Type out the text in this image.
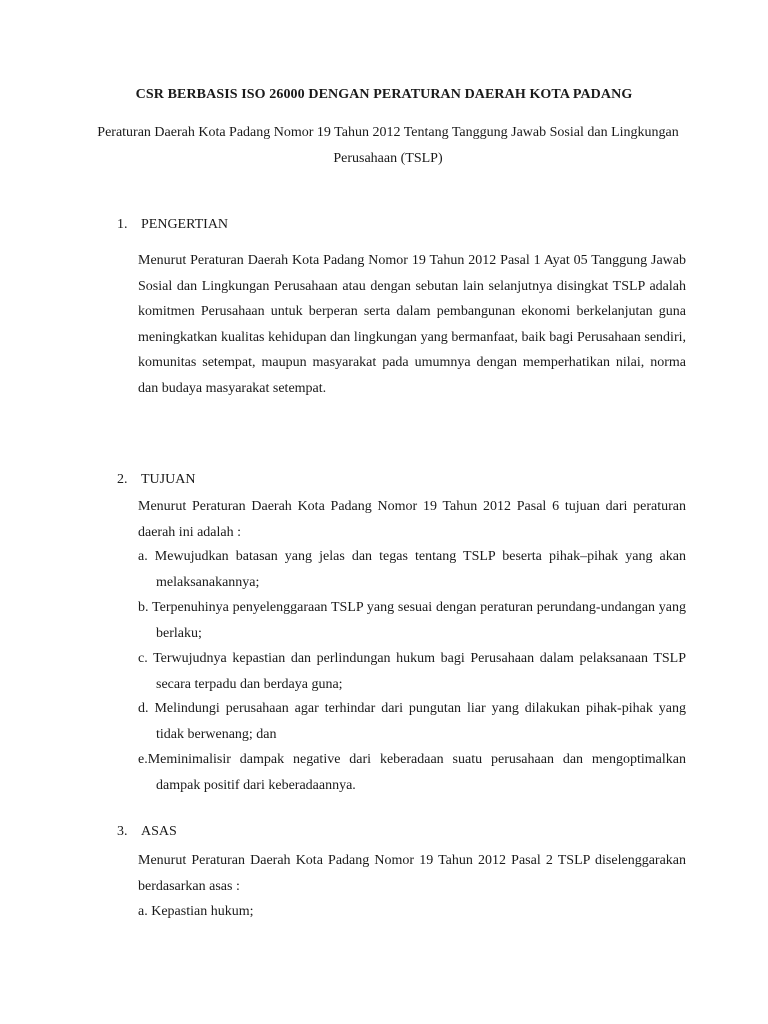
CSR BERBASIS ISO 26000 DENGAN PERATURAN DAERAH KOTA PADANG
Peraturan Daerah Kota Padang Nomor 19 Tahun 2012 Tentang Tanggung Jawab Sosial dan Lingkungan Perusahaan (TSLP)
1. PENGERTIAN
Menurut Peraturan Daerah Kota Padang Nomor 19 Tahun 2012 Pasal 1 Ayat 05 Tanggung Jawab Sosial dan Lingkungan Perusahaan atau dengan sebutan lain selanjutnya disingkat TSLP adalah komitmen Perusahaan untuk berperan serta dalam pembangunan ekonomi berkelanjutan guna meningkatkan kualitas kehidupan dan lingkungan yang bermanfaat, baik bagi Perusahaan sendiri, komunitas setempat, maupun masyarakat pada umumnya dengan memperhatikan nilai, norma dan budaya masyarakat setempat.
2. TUJUAN
Menurut Peraturan Daerah Kota Padang Nomor 19 Tahun 2012 Pasal 6 tujuan dari peraturan daerah ini adalah :
a. Mewujudkan batasan yang jelas dan tegas tentang TSLP beserta pihak–pihak yang akan melaksanakannya;
b. Terpenuhinya penyelenggaraan TSLP yang sesuai dengan peraturan perundang-undangan yang berlaku;
c. Terwujudnya kepastian dan perlindungan hukum bagi Perusahaan dalam pelaksanaan TSLP secara terpadu dan berdaya guna;
d. Melindungi perusahaan agar terhindar dari pungutan liar yang dilakukan pihak-pihak yang tidak berwenang; dan
e.Meminimalisir dampak negative dari keberadaan suatu perusahaan dan mengoptimalkan dampak positif dari keberadaannya.
3. ASAS
Menurut Peraturan Daerah Kota Padang Nomor 19 Tahun 2012 Pasal 2 TSLP diselenggarakan berdasarkan asas :
a. Kepastian hukum;
